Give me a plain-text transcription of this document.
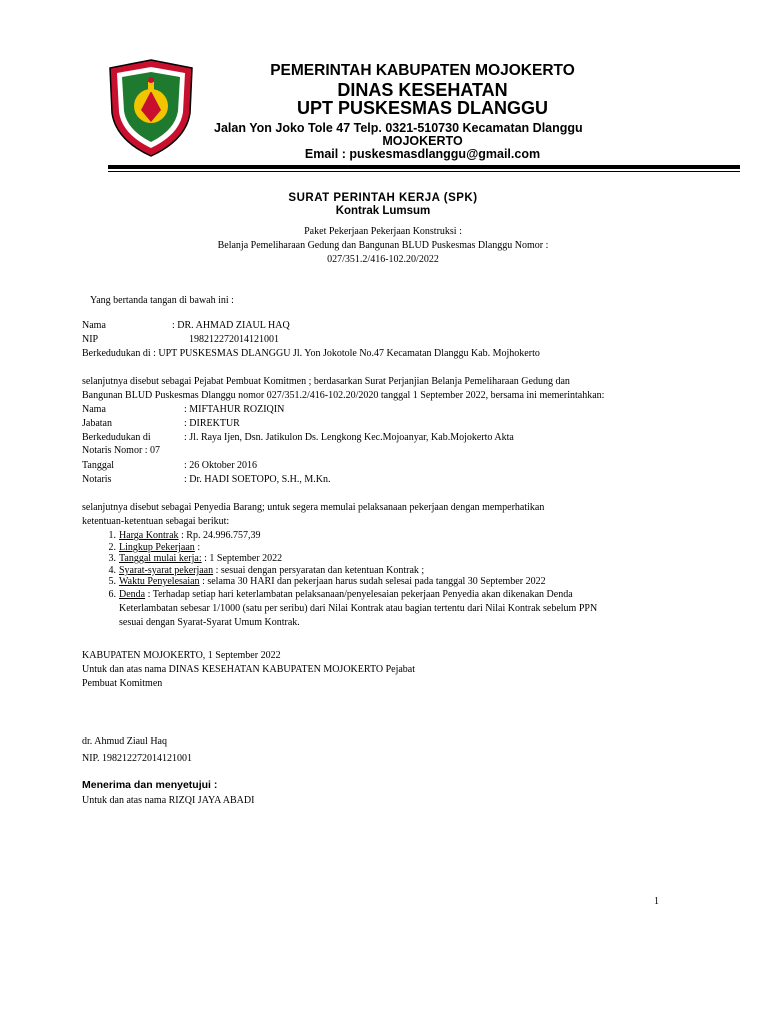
PEMERINTAH KABUPATEN MOJOKERTO
DINAS KESEHATAN
UPT PUSKESMAS DLANGGU
Jalan Yon Joko Tole 47 Telp. 0321-510730 Kecamatan Dlanggu
MOJOKERTO
Email : puskesmasdlanggu@gmail.com
SURAT PERINTAH KERJA (SPK)
Kontrak Lumsum
Paket Pekerjaan Pekerjaan Konstruksi :
Belanja Pemeliharaan Gedung dan Bangunan BLUD Puskesmas Dlanggu Nomor :
027/351.2/416-102.20/2022
Yang bertanda tangan di bawah ini :
Nama	: DR. AHMAD ZIAUL HAQ
NIP	198212272014121001
Berkedudukan di : UPT PUSKESMAS DLANGGU Jl. Yon Jokotole No.47 Kecamatan Dlanggu Kab. Mojhokerto
selanjutnya disebut sebagai Pejabat Pembuat Komitmen ; berdasarkan Surat Perjanjian Belanja Pemeliharaan Gedung dan
Bangunan BLUD Puskesmas Dlanggu nomor 027/351.2/416-102.20/2020 tanggal 1 September 2022, bersama ini memerintahkan:
Nama	: MIFTAHUR ROZIQIN
Jabatan	: DIREKTUR
Berkedudukan di	: Jl. Raya Ijen, Dsn. Jatikulon Ds. Lengkong Kec.Mojoanyar, Kab.Mojokerto Akta
Notaris Nomor : 07
Tanggal	: 26 Oktober 2016
Notaris	: Dr. HADI SOETOPO, S.H., M.Kn.
selanjutnya disebut sebagai Penyedia Barang; untuk segera memulai pelaksanaan pekerjaan dengan memperhatikan
ketentuan-ketentuan sebagai berikut:
1. Harga Kontrak : Rp. 24.996.757,39
2. Lingkup Pekerjaan :
3. Tanggal mulai kerja: : 1 September 2022
4. Syarat-syarat pekerjaan : sesuai dengan persyaratan dan ketentuan Kontrak ;
5. Waktu Penyelesaian : selama 30 HARI dan pekerjaan harus sudah selesai pada tanggal 30 September 2022
6. Denda : Terhadap setiap hari keterlambatan pelaksanaan/penyelesaian pekerjaan Penyedia akan dikenakan Denda
Keterlambatan sebesar 1/1000 (satu per seribu) dari Nilai Kontrak atau bagian tertentu dari Nilai Kontrak sebelum PPN
sesuai dengan Syarat-Syarat Umum Kontrak.
KABUPATEN MOJOKERTO, 1 September 2022
Untuk dan atas nama DINAS KESEHATAN KABUPATEN MOJOKERTO Pejabat
Pembuat Komitmen
dr. Ahmud Ziaul Haq
NIP. 198212272014121001
Menerima dan menyetujui :
Untuk dan atas nama RIZQI JAYA ABADI
1
